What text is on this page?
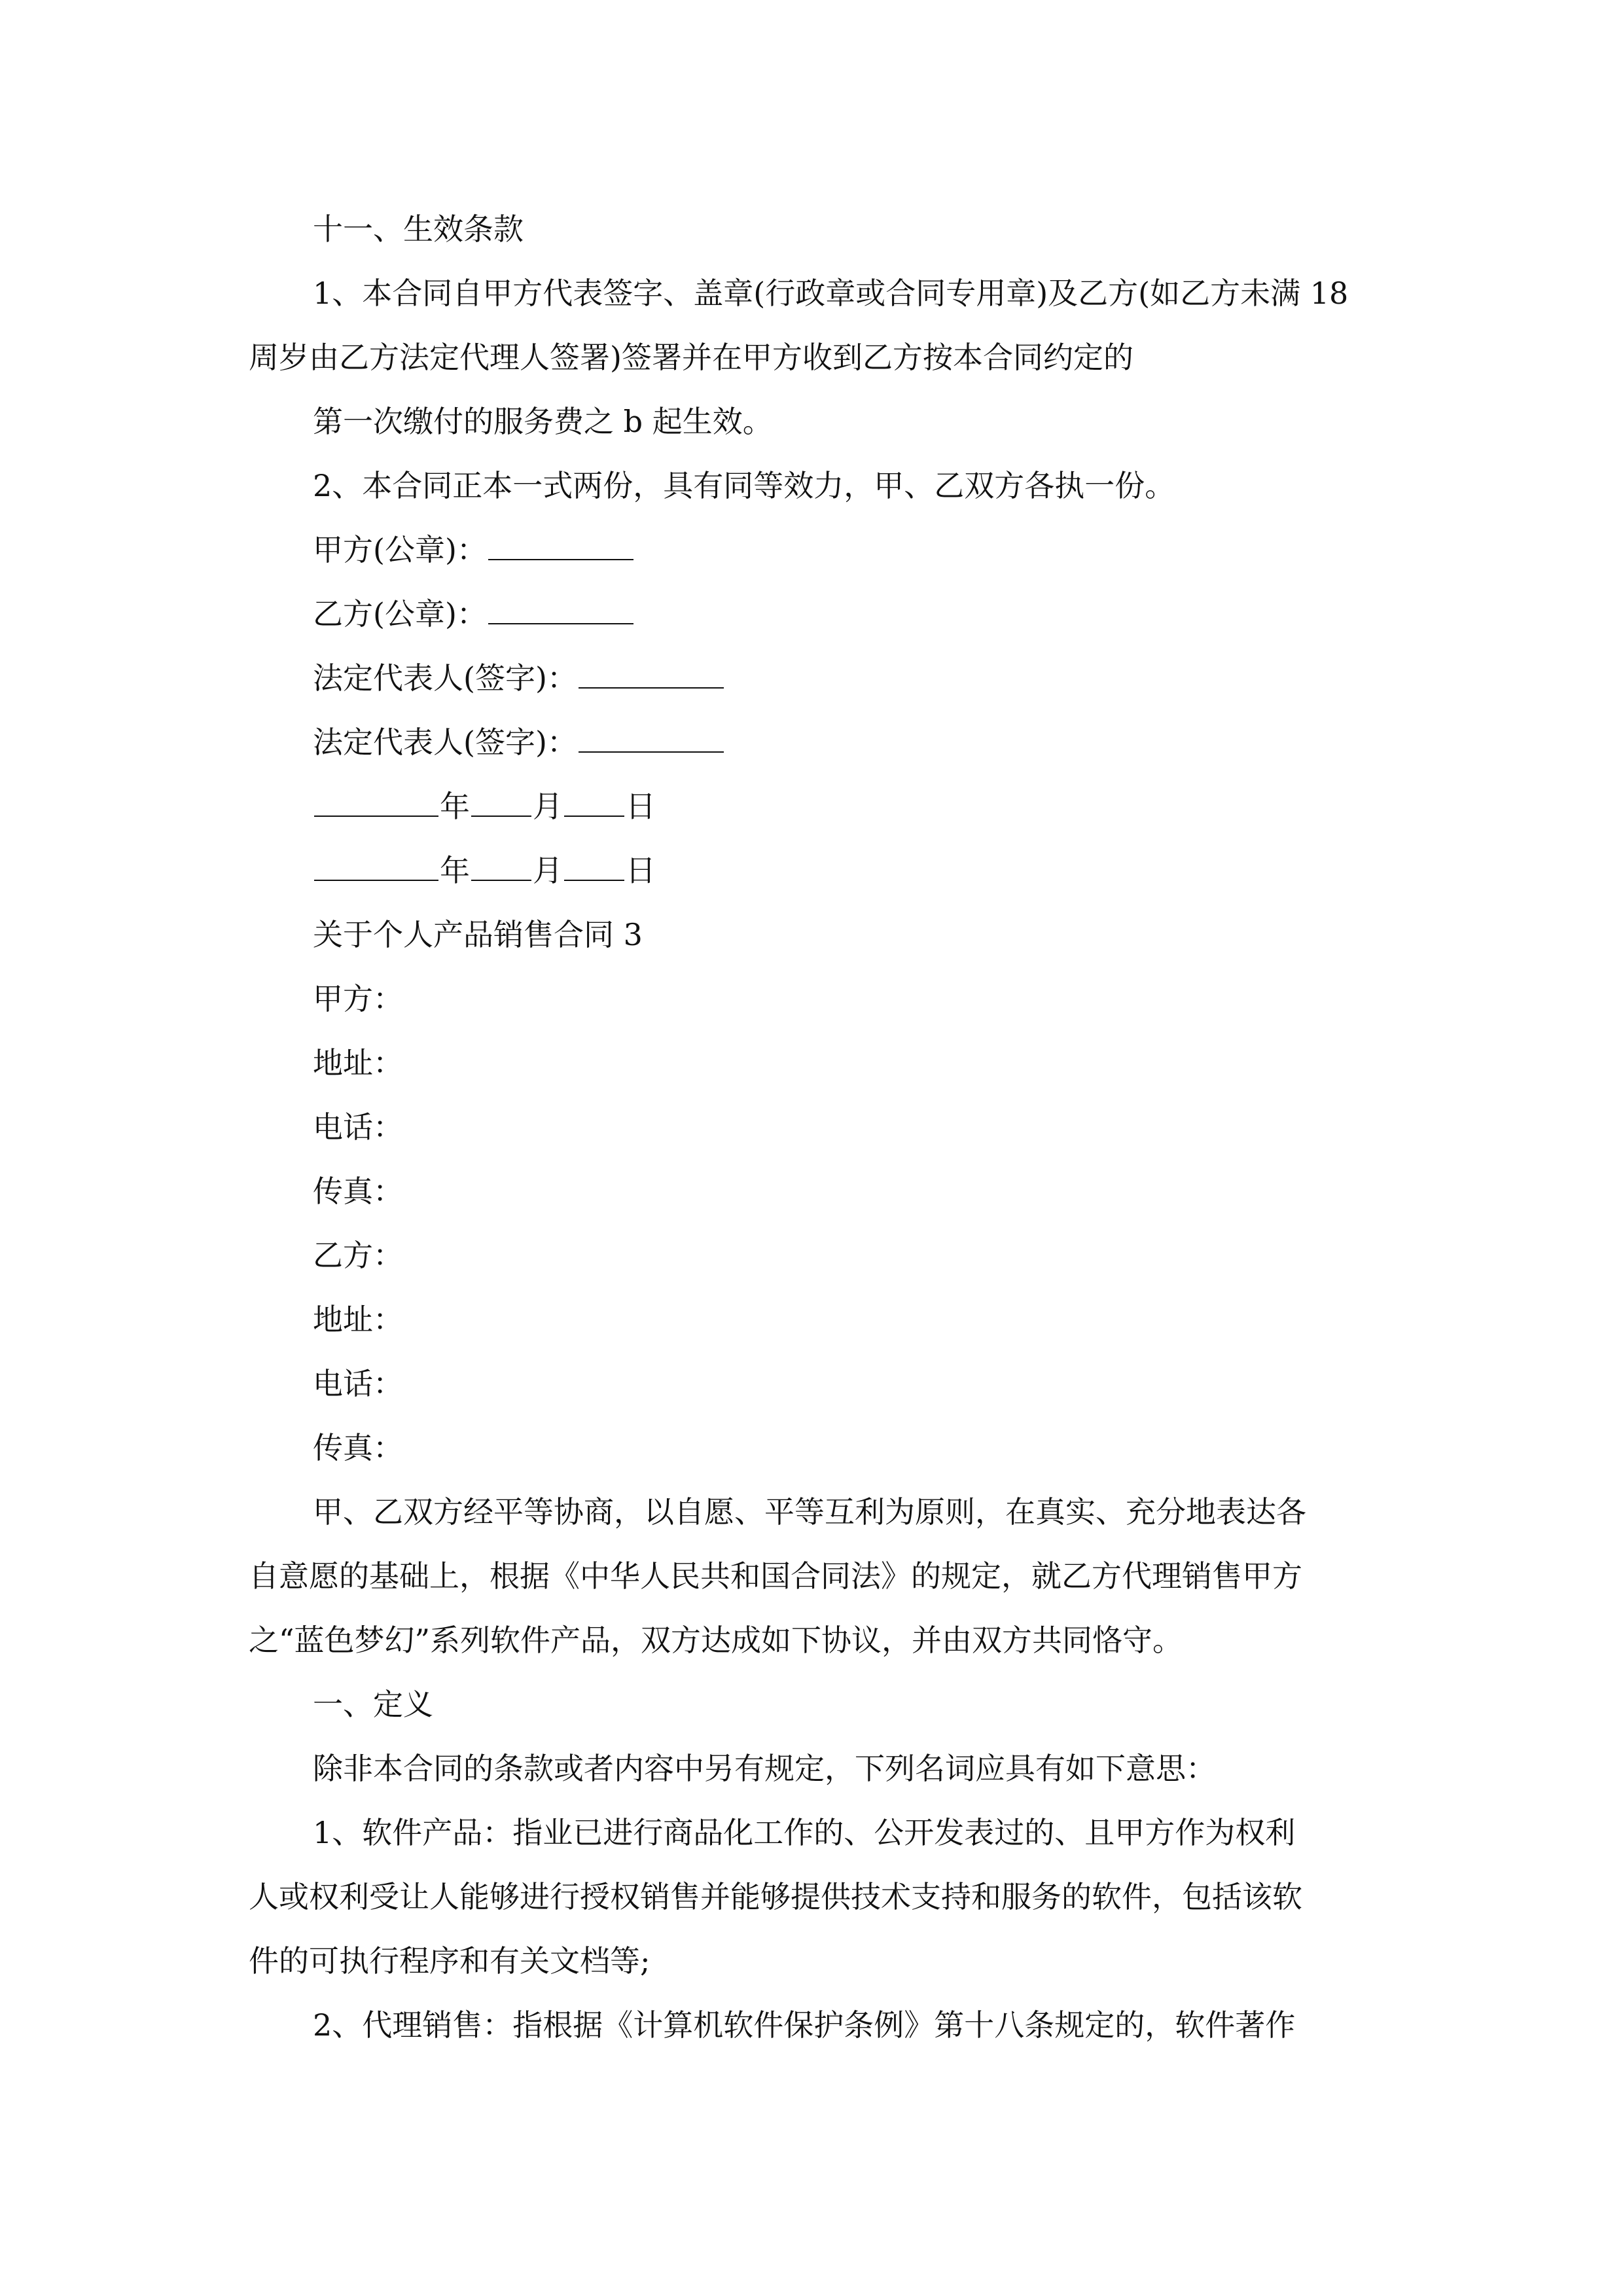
十一、生效条款
1、本合同自甲方代表签字、盖章(行政章或合同专用章)及乙方(如乙方未满 18
周岁由乙方法定代理人签署)签署并在甲方收到乙方按本合同约定的
第一次缴付的服务费之 b 起生效。
2、本合同正本一式两份，具有同等效力，甲、乙双方各执一份。
甲方(公章)：
乙方(公章)：
法定代表人(签字)：
法定代表人(签字)：
年 月 日
年 月 日
关于个人产品销售合同 3
甲方：
地址：
电话：
传真：
乙方：
地址：
电话：
传真：
甲、乙双方经平等协商，以自愿、平等互利为原则，在真实、充分地表达各
自意愿的基础上，根据《中华人民共和国合同法》的规定，就乙方代理销售甲方
之“蓝色梦幻”系列软件产品，双方达成如下协议，并由双方共同恪守。
一、定义
除非本合同的条款或者内容中另有规定，下列名词应具有如下意思：
1、软件产品：指业已进行商品化工作的、公开发表过的、且甲方作为权利
人或权利受让人能够进行授权销售并能够提供技术支持和服务的软件，包括该软
件的可执行程序和有关文档等;
2、代理销售：指根据《计算机软件保护条例》第十八条规定的，软件著作
